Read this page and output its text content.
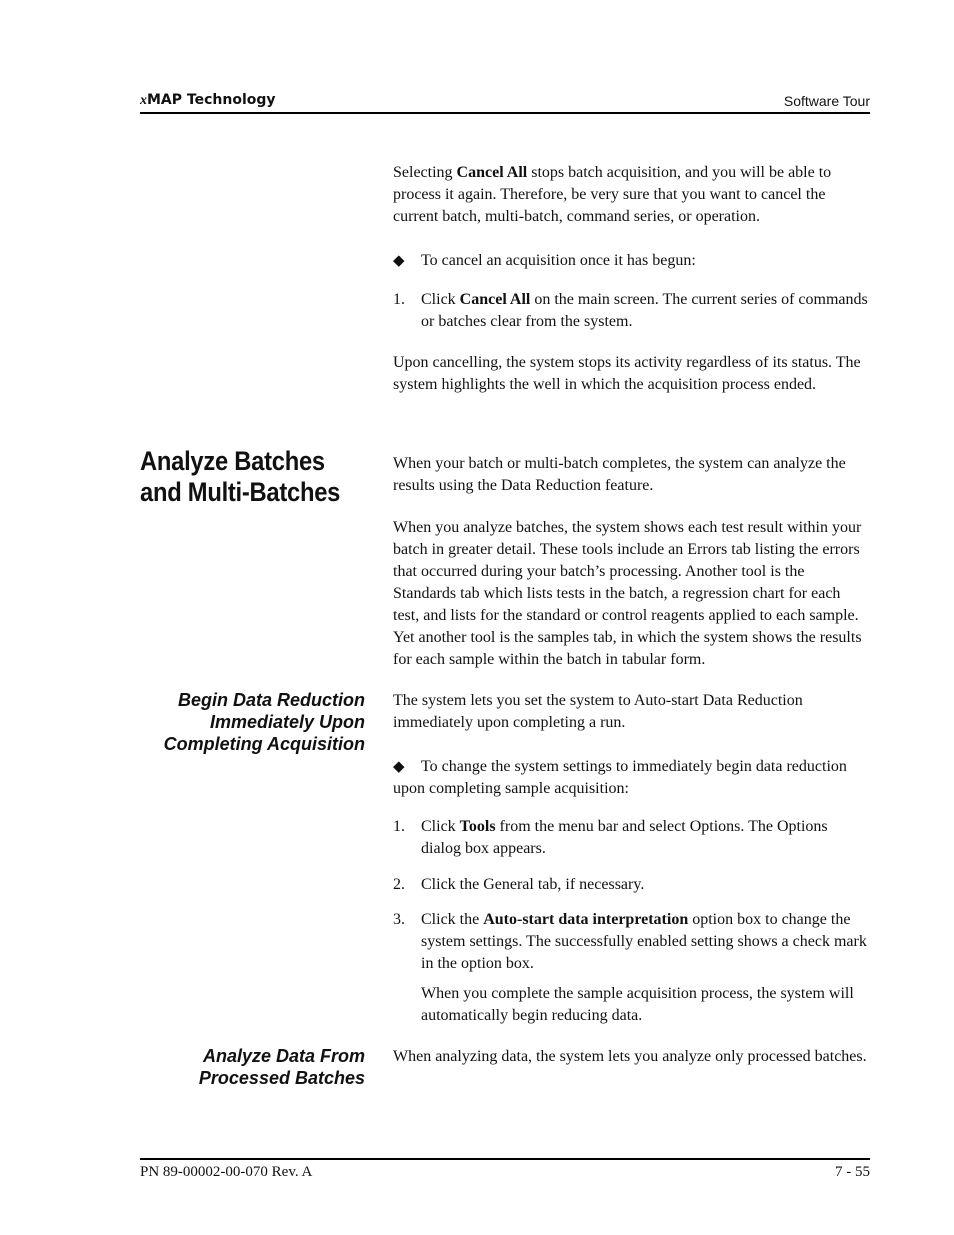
xMAP Technology	Software Tour

Selecting Cancel All stops batch acquisition, and you will be able to process it again. Therefore, be very sure that you want to cancel the current batch, multi-batch, command series, or operation.

◆ To cancel an acquisition once it has begun:
1. Click Cancel All on the main screen. The current series of commands or batches clear from the system.

Upon cancelling, the system stops its activity regardless of its status. The system highlights the well in which the acquisition process ended.

Analyze Batches and Multi-Batches

When your batch or multi-batch completes, the system can analyze the results using the Data Reduction feature.

When you analyze batches, the system shows each test result within your batch in greater detail. These tools include an Errors tab listing the errors that occurred during your batch’s processing. Another tool is the Standards tab which lists tests in the batch, a regression chart for each test, and lists for the standard or control reagents applied to each sample. Yet another tool is the samples tab, in which the system shows the results for each sample within the batch in tabular form.

Begin Data Reduction Immediately Upon Completing Acquisition

The system lets you set the system to Auto-start Data Reduction immediately upon completing a run.

◆ To change the system settings to immediately begin data reduction upon completing sample acquisition:
1. Click Tools from the menu bar and select Options. The Options dialog box appears.
2. Click the General tab, if necessary.
3. Click the Auto-start data interpretation option box to change the system settings. The successfully enabled setting shows a check mark in the option box.
When you complete the sample acquisition process, the system will automatically begin reducing data.
Analyze Data From Processed Batches

When analyzing data, the system lets you analyze only processed batches.

PN 89-00002-00-070 Rev. A	7 - 55
